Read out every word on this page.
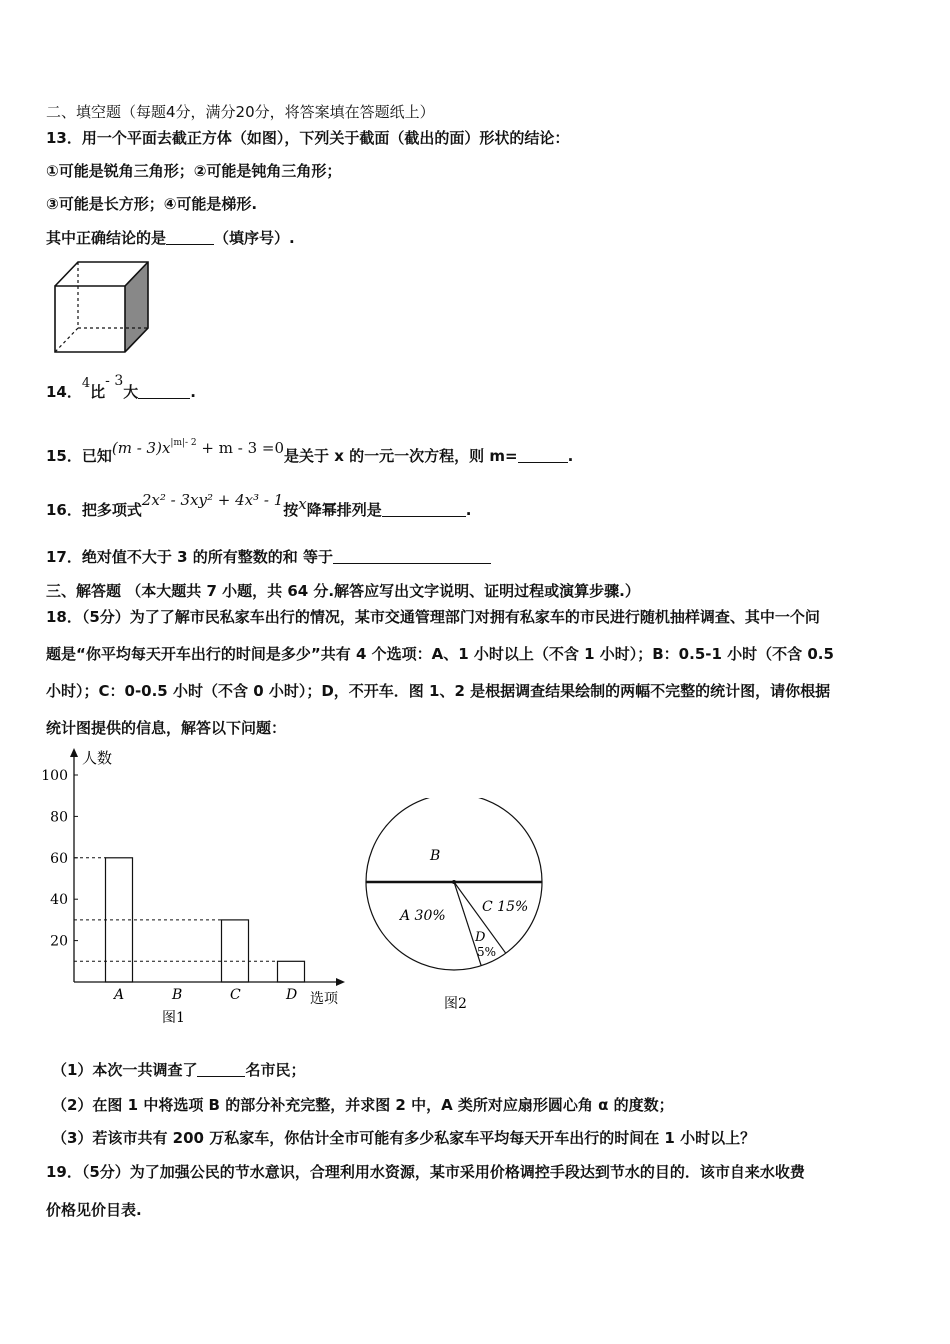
二、填空题（每题4分，满分20分，将答案填在答题纸上）
13．用一个平面去截正方体（如图），下列关于截面（截出的面）形状的结论：
①可能是锐角三角形；②可能是钝角三角形；
③可能是长方形；④可能是梯形.
其中正确结论的是	（填序号）.
14．4比- 3大	.
15．已知$(m - 3)x^{|m|- 2} + m - 3 =0$是关于 x 的一元一次方程，则 m=	.
16．把多项式2x² - 3xy² + 4x³ - 1按x降幂排列是	.
17．绝对值不大于 3 的所有整数的和 等于
三、解答题 （本大题共 7 小题，共 64 分.解答应写出文字说明、证明过程或演算步骤.）
18．（5分）为了了解市民私家车出行的情况，某市交通管理部门对拥有私家车的市民进行随机抽样调查、其中一个问
题是“你平均每天开车出行的时间是多少”共有 4 个选项：A、1 小时以上（不含 1 小时）；B：0.5-1 小时（不含 0.5
小时）；C：0-0.5 小时（不含 0 小时）；D，不开车．图 1、2 是根据调查结果绘制的两幅不完整的统计图，请你根据
统计图提供的信息，解答以下问题：
人数
选项
20
40
60
80
100
A	B	C	D
图1
B
A 30%
C 15%
D
5%
图2
（1）本次一共调查了	名市民；
（2）在图 1 中将选项 B 的部分补充完整，并求图 2 中，A 类所对应扇形圆心角 α 的度数；
（3）若该市共有 200 万私家车，你估计全市可能有多少私家车平均每天开车出行的时间在 1 小时以上？
19．（5分）为了加强公民的节水意识，合理利用水资源，某市采用价格调控手段达到节水的目的．该市自来水收费
价格见价目表.
